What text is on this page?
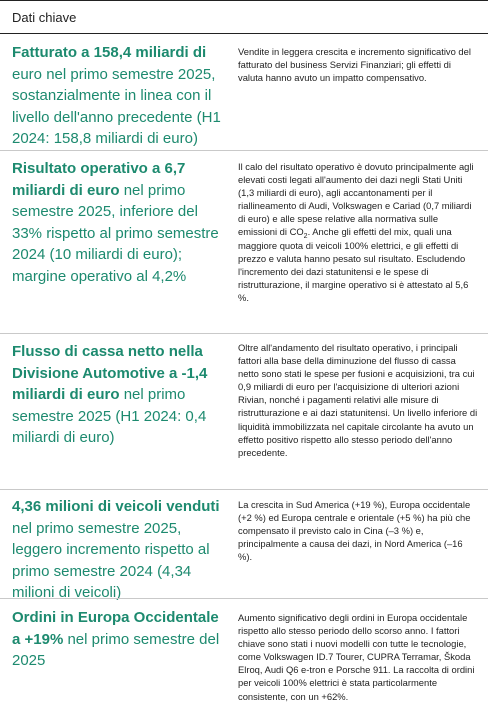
Dati chiave
Fatturato a 158,4 miliardi di euro nel primo semestre 2025, sostanzialmente in linea con il livello dell'anno precedente (H1 2024: 158,8 miliardi di euro)
Vendite in leggera crescita e incremento significativo del fatturato del business Servizi Finanziari; gli effetti di valuta hanno avuto un impatto compensativo.
Risultato operativo a 6,7 miliardi di euro nel primo semestre 2025, inferiore del 33% rispetto al primo semestre 2024 (10 miliardi di euro); margine operativo al 4,2%
Il calo del risultato operativo è dovuto principalmente agli elevati costi legati all'aumento dei dazi negli Stati Uniti (1,3 miliardi di euro), agli accantonamenti per il riallineamento di Audi, Volkswagen e Cariad (0,7 miliardi di euro) e alle spese relative alla normativa sulle emissioni di $CO_2$. Anche gli effetti del mix, quali una maggiore quota di veicoli 100% elettrici, e gli effetti di prezzo e valuta hanno pesato sul risultato. Escludendo l'incremento dei dazi statunitensi e le spese di ristrutturazione, il margine operativo si è attestato al 5,6 %.
Flusso di cassa netto nella Divisione Automotive a -1,4 miliardi di euro nel primo semestre 2025 (H1 2024: 0,4 miliardi di euro)
Oltre all'andamento del risultato operativo, i principali fattori alla base della diminuzione del flusso di cassa netto sono stati le spese per fusioni e acquisizioni, tra cui 0,9 miliardi di euro per l'acquisizione di ulteriori azioni Rivian, nonché i pagamenti relativi alle misure di ristrutturazione e ai dazi statunitensi. Un livello inferiore di liquidità immobilizzata nel capitale circolante ha avuto un effetto positivo rispetto allo stesso periodo dell'anno precedente.
4,36 milioni di veicoli venduti nel primo semestre 2025, leggero incremento rispetto al primo semestre 2024 (4,34 milioni di veicoli)
La crescita in Sud America (+19 %), Europa occidentale (+2 %) ed Europa centrale e orientale (+5 %) ha più che compensato il previsto calo in Cina (–3 %) e, principalmente a causa dei dazi, in Nord America (–16 %).
Ordini in Europa Occidentale a +19% nel primo semestre del 2025
Aumento significativo degli ordini in Europa occidentale rispetto allo stesso periodo dello scorso anno. I fattori chiave sono stati i nuovi modelli con tutte le tecnologie, come Volkswagen ID.7 Tourer, CUPRA Terramar, Škoda Elroq, Audi Q6 e-tron e Porsche 911. La raccolta di ordini per veicoli 100% elettrici è stata particolarmente consistente, con un +62%.
